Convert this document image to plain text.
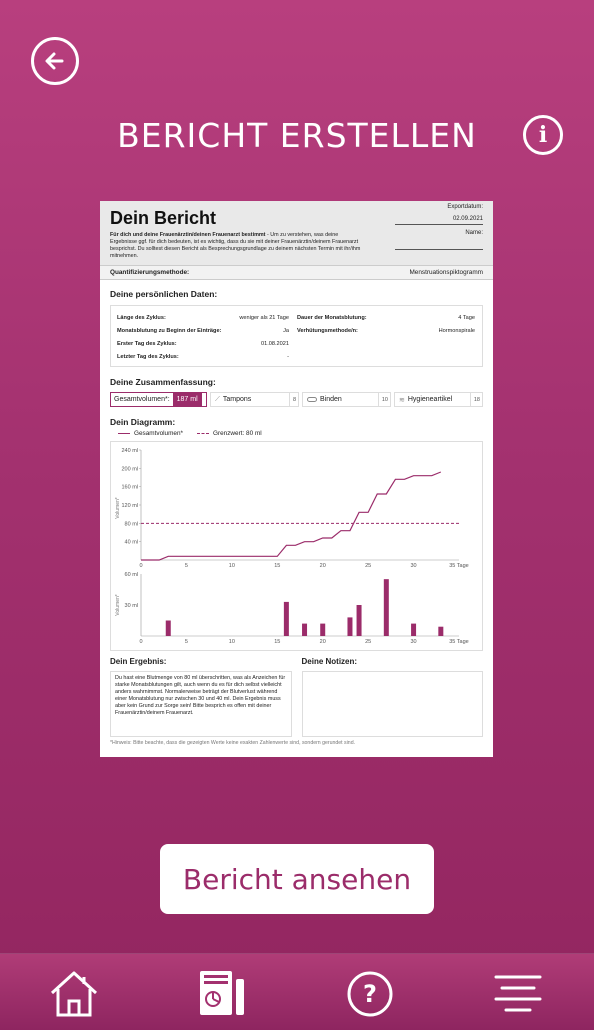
BERICHT ERSTELLEN	i
Dein Bericht
Für dich und deine Frauenärztin/deinen Frauenarzt bestimmt - Um zu verstehen, was deine Ergebnisse ggf. für dich bedeuten, ist es wichtig, dass du sie mit deiner Frauenärztin/deinem Frauenarzt besprichst. Du solltest diesen Bericht als Besprechungsgrundlage zu deinem nächsten Termin mit ihr/ihm mitnehmen.
Exportdatum:
02.09.2021
Name:
Quantifizierungsmethode:	Menstruationspiktogramm
Deine persönlichen Daten:
Länge des Zyklus:	weniger als 21 Tage
Monatsblutung zu Beginn der Einträge:	Ja
Erster Tag des Zyklus:	01.08.2021
Letzter Tag des Zyklus:	-
Dauer der Monatsblutung:	4 Tage
Verhütungsmethode/n:	Hormonspirale
Deine Zusammenfassung:
Gesamtvolumen*:	187 ml	⟋ Tampons	8	Binden	10 ≋ Hygieneartikel	18
Dein Diagramm:
Gesamtvolumen*	Grenzwert: 80 ml
40 ml
80 ml
120 ml
160 ml
200 ml
240 ml
0	5	10	15	20	25	30	35 Tage
Volumen*
30 ml
60 ml
0	5	10	15	20	25	30	35 Tage
Volumen*
Dein Ergebnis:
Du hast eine Blutmenge von 80 ml überschritten, was als Anzeichen für starke Monatsblutungen gilt, auch wenn du es für dich selbst vielleicht anders wahrnimmst. Normalerweise beträgt der Blutverlust während einer Monatsblutung nur zwischen 30 und 40 ml. Dein Ergebnis muss aber kein Grund zur Sorge sein! Bitte besprich es offen mit deiner Frauenärztin/deinem Frauenarzt.
Deine Notizen:
*Hinweis: Bitte beachte, dass die gezeigten Werte keine exakten Zahlenwerte sind, sondern gerundet sind.
Bericht ansehen
?
